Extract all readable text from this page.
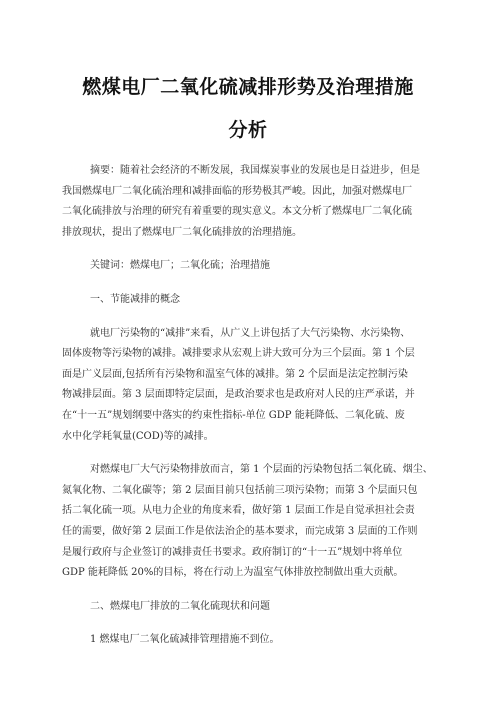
燃煤电厂二氧化硫减排形势及治理措施
分析
摘要：随着社会经济的不断发展，我国煤炭事业的发展也是日益进步，但是
我国燃煤电厂二氧化硫治理和减排面临的形势极其严峻。因此，加强对燃煤电厂
二氧化硫排放与治理的研究有着重要的现实意义。本文分析了燃煤电厂二氧化硫
排放现状，提出了燃煤电厂二氧化硫排放的治理措施。
关键词：燃煤电厂；二氧化硫；治理措施
一、节能减排的概念
就电厂污染物的“减排”来看，从广义上讲包括了大气污染物、水污染物、
固体废物等污染物的减排。减排要求从宏观上讲大致可分为三个层面。第 1 个层
面是广义层面,包括所有污染物和温室气体的减排。第 2 个层面是法定控制污染
物减排层面。第 3 层面即特定层面，是政治要求也是政府对人民的庄严承诺，并
在“十一五”规划纲要中落实的约束性指标-单位 GDP 能耗降低、二氧化硫、废
水中化学耗氧量(COD)等的减排。
对燃煤电厂大气污染物排放而言，第 1 个层面的污染物包括二氧化硫、烟尘、
氮氧化物、二氧化碳等；第 2 层面目前只包括前三项污染物；而第 3 个层面只包
括二氧化硫一项。从电力企业的角度来看，做好第 1 层面工作是自觉承担社会责
任的需要，做好第 2 层面工作是依法治企的基本要求，而完成第 3 层面的工作则
是履行政府与企业签订的减排责任书要求。政府制订的“十一五”规划中将单位
GDP 能耗降低 20%的目标，将在行动上为温室气体排放控制做出重大贡献。
二、燃煤电厂排放的二氧化硫现状和问题
1 燃煤电厂二氧化硫减排管理措施不到位。
